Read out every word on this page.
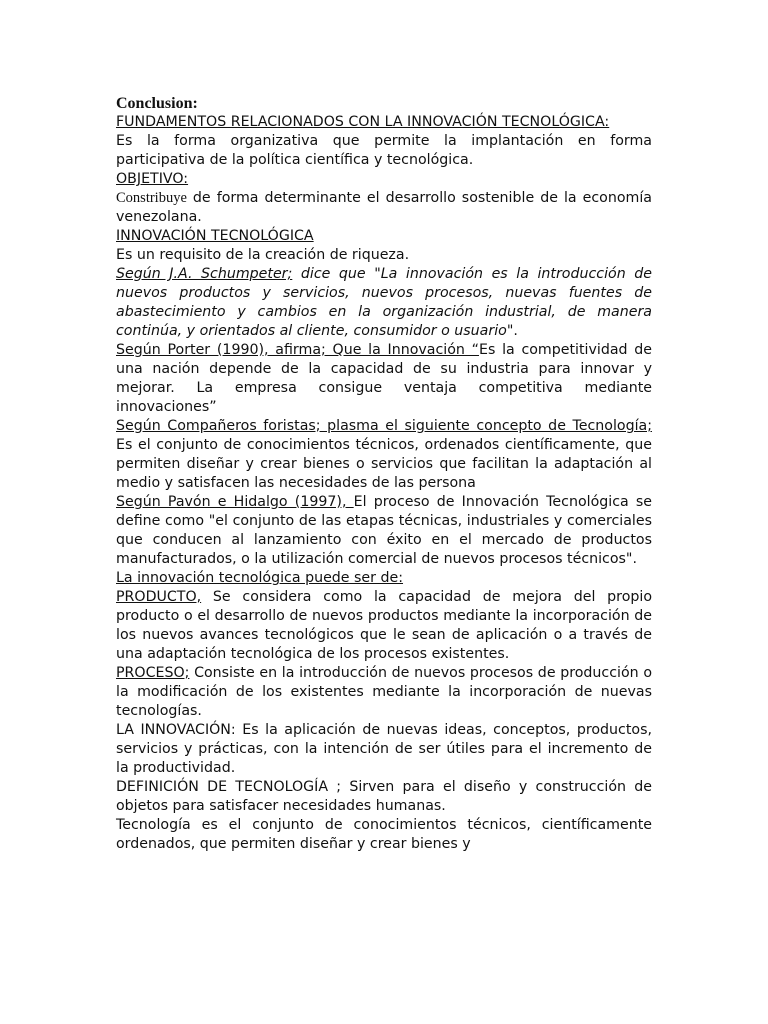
Conclusion:

FUNDAMENTOS RELACIONADOS CON LA INNOVACIÓN TECNOLÓGICA:

Es la forma organizativa que permite la implantación en forma participativa de la política científica y tecnológica.

OBJETIVO:

Constribuye de forma determinante el desarrollo sostenible de la economía venezolana.

INNOVACIÓN TECNOLÓGICA

Es un requisito de la creación de riqueza.

Según J.A. Schumpeter; dice que "La innovación es la introducción de nuevos productos y servicios, nuevos procesos, nuevas fuentes de abastecimiento y cambios en la organización industrial, de manera continúa, y orientados al cliente, consumidor o usuario".

Según Porter (1990), afirma; Que la Innovación “Es la competitividad de una nación depende de la capacidad de su industria para innovar y mejorar. La empresa consigue ventaja competitiva mediante innovaciones”

Según Compañeros foristas; plasma el siguiente concepto de Tecnología; Es el conjunto de conocimientos técnicos, ordenados científicamente, que permiten diseñar y crear bienes o servicios que facilitan la adaptación al medio y satisfacen las necesidades de las persona

Según Pavón e Hidalgo (1997), El proceso de Innovación Tecnológica se define como "el conjunto de las etapas técnicas, industriales y comerciales que conducen al lanzamiento con éxito en el mercado de productos manufacturados, o la utilización comercial de nuevos procesos técnicos".

La innovación tecnológica puede ser de:

PRODUCTO, Se considera como la capacidad de mejora del propio producto o el desarrollo de nuevos productos mediante la incorporación de los nuevos avances tecnológicos que le sean de aplicación o a través de una adaptación tecnológica de los procesos existentes.

PROCESO; Consiste en la introducción de nuevos procesos de producción o la modificación de los existentes mediante la incorporación de nuevas tecnologías.

LA INNOVACIÓN: Es la aplicación de nuevas ideas, conceptos, productos, servicios y prácticas, con la intención de ser útiles para el incremento de la productividad.

DEFINICIÓN DE TECNOLOGÍA ; Sirven para el diseño y construcción de objetos para satisfacer necesidades humanas.

Tecnología es el conjunto de conocimientos técnicos, científicamente ordenados, que permiten diseñar y crear bienes y
